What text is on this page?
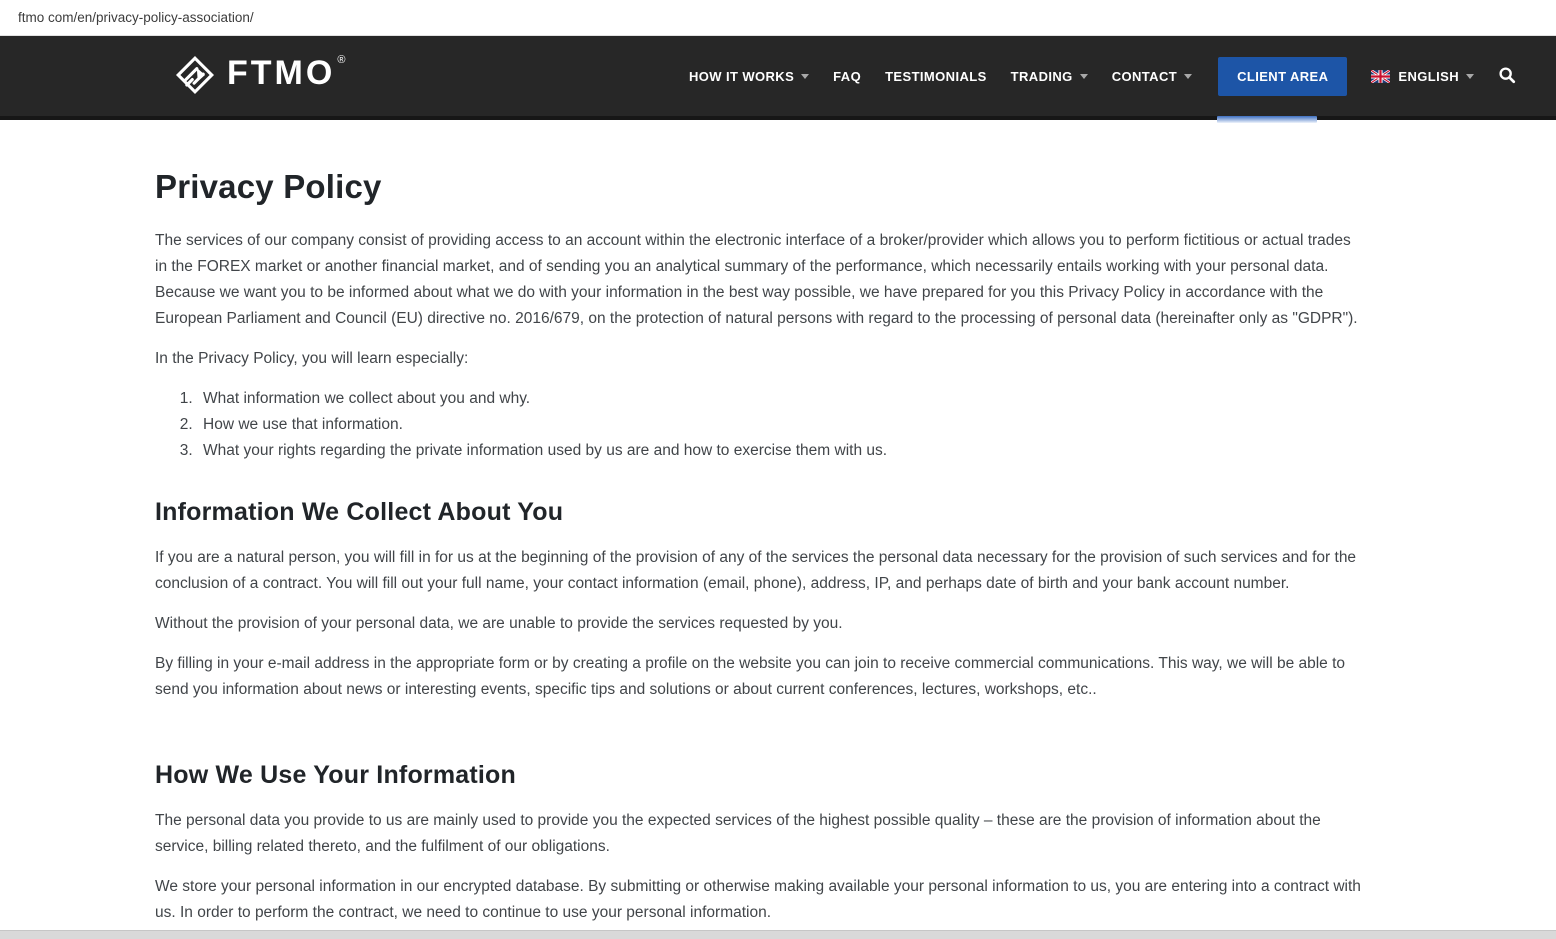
ftmo com/en/privacy-policy-association/
FTMO ®
HOW IT WORKS	FAQ TESTIMONIALS TRADING	CONTACT	CLIENT AREA	ENGLISH
Privacy Policy

The services of our company consist of providing access to an account within the electronic interface of a broker/provider which allows you to perform fictitious or actual trades in the FOREX market or another financial market, and of sending you an analytical summary of the performance, which necessarily entails working with your personal data. Because we want you to be informed about what we do with your information in the best way possible, we have prepared for you this Privacy Policy in accordance with the European Parliament and Council (EU) directive no. 2016/679, on the protection of natural persons with regard to the processing of personal data (hereinafter only as "GDPR").

In the Privacy Policy, you will learn especially:

1. What information we collect about you and why.
2. How we use that information.
3. What your rights regarding the private information used by us are and how to exercise them with us.
Information We Collect About You

If you are a natural person, you will fill in for us at the beginning of the provision of any of the services the personal data necessary for the provision of such services and for the conclusion of a contract. You will fill out your full name, your contact information (email, phone), address, IP, and perhaps date of birth and your bank account number.

Without the provision of your personal data, we are unable to provide the services requested by you.

By filling in your e-mail address in the appropriate form or by creating a profile on the website you can join to receive commercial communications. This way, we will be able to send you information about news or interesting events, specific tips and solutions or about current conferences, lectures, workshops, etc..

How We Use Your Information

The personal data you provide to us are mainly used to provide you the expected services of the highest possible quality – these are the provision of information about the service, billing related thereto, and the fulfilment of our obligations.

We store your personal information in our encrypted database. By submitting or otherwise making available your personal information to us, you are entering into a contract with us. In order to perform the contract, we need to continue to use your personal information.
